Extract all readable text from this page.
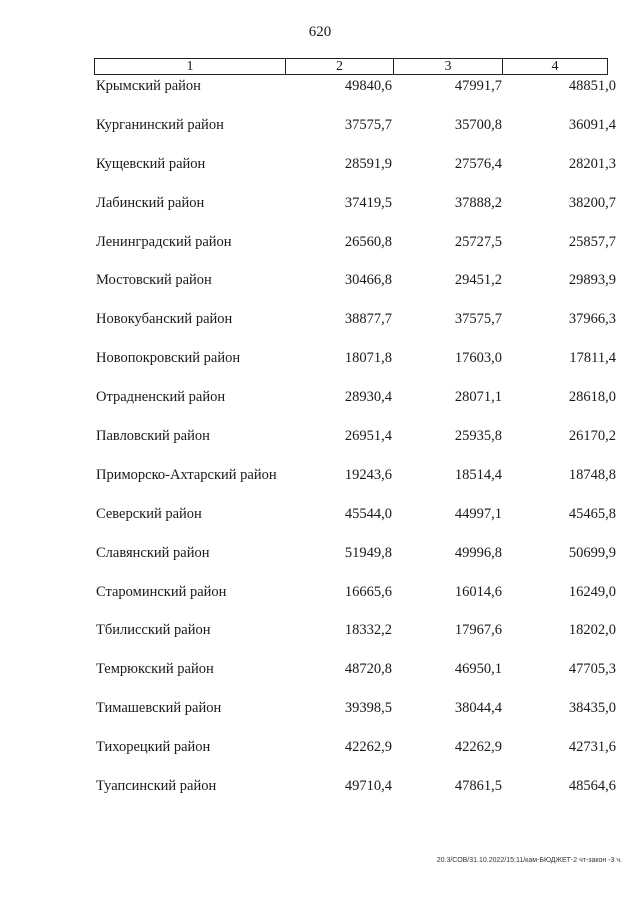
620
1	2	3	4
Крымский район	49840,6	47991,7	48851,0
Курганинский район	37575,7	35700,8	36091,4
Кущевский район	28591,9	27576,4	28201,3
Лабинский район	37419,5	37888,2	38200,7
Ленинградский район	26560,8	25727,5	25857,7
Мостовский район	30466,8	29451,2	29893,9
Новокубанский район	38877,7	37575,7	37966,3
Новопокровский район	18071,8	17603,0	17811,4
Отрадненский район	28930,4	28071,1	28618,0
Павловский район	26951,4	25935,8	26170,2
Приморско-Ахтарский район	19243,6	18514,4	18748,8
Северский район	45544,0	44997,1	45465,8
Славянский район	51949,8	49996,8	50699,9
Староминский район	16665,6	16014,6	16249,0
Тбилисский район	18332,2	17967,6	18202,0
Темрюкский район	48720,8	46950,1	47705,3
Тимашевский район	39398,5	38044,4	38435,0
Тихорецкий район	42262,9	42262,9	42731,6
Туапсинский район	49710,4	47861,5	48564,6
20.3/СОВ/31.10.2022/15:11/кам-БЮДЖЕТ-2 чт-закон -3 ч.
